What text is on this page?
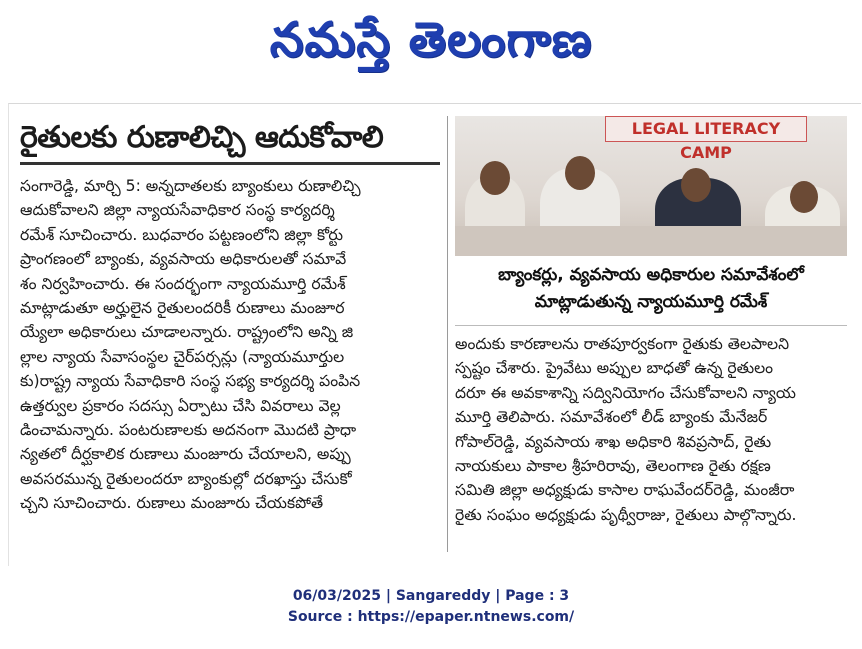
నమస్తే తెలంగాణ
రైతులకు రుణాలిచ్చి ఆదుకోవాలి
సంగారెడ్డి, మార్చి 5: అన్నదాతలకు బ్యాంకులు రుణాలిచ్చి
ఆదుకోవాలని జిల్లా న్యాయసేవాధికార సంస్థ కార్యదర్శి
రమేశ్ సూచించారు. బుధవారం పట్టణంలోని జిల్లా కోర్టు
ప్రాంగణంలో బ్యాంకు, వ్యవసాయ అధికారులతో సమావే
శం నిర్వహించారు. ఈ సందర్భంగా న్యాయమూర్తి రమేశ్
మాట్లాడుతూ అర్హులైన రైతులందరికీ రుణాలు మంజూర
య్యేలా అధికారులు చూడాలన్నారు. రాష్ట్రంలోని అన్ని జి
ల్లాల న్యాయ సేవాసంస్థల చైర్‌పర్సన్లు (న్యాయమూర్తుల
కు)రాష్ట్ర న్యాయ సేవాధికారి సంస్థ సభ్య కార్యదర్శి పంపిన
ఉత్తర్వుల ప్రకారం సదస్సు ఏర్పాటు చేసి వివరాలు వెల్ల
డించామన్నారు. పంటరుణాలకు అదనంగా మొదటి ప్రాధా
న్యతలో దీర్ఘకాలిక రుణాలు మంజూరు చేయాలని, అప్పు
అవసరమున్న రైతులందరూ బ్యాంకుల్లో దరఖాస్తు చేసుకో
చ్చని సూచించారు. రుణాలు మంజూరు చేయకపోతే
LEGAL LITERACY CAMP
బ్యాంకర్లు, వ్యవసాయ అధికారుల సమావేశంలో
మాట్లాడుతున్న న్యాయమూర్తి రమేశ్
అందుకు కారణాలను రాతపూర్వకంగా రైతుకు తెలపాలని
స్పష్టం చేశారు. ప్రైవేటు అప్పుల బాధతో ఉన్న రైతులం
దరూ ఈ అవకాశాన్ని సద్వినియోగం చేసుకోవాలని న్యాయ
మూర్తి తెలిపారు. సమావేశంలో లీడ్ బ్యాంకు మేనేజర్
గోపాల్‌రెడ్డి, వ్యవసాయ శాఖ అధికారి శివప్రసాద్, రైతు
నాయకులు పాకాల శ్రీహరిరావు, తెలంగాణ రైతు రక్షణ
సమితి జిల్లా అధ్యక్షుడు కాసాల రాఘవేందర్‌రెడ్డి, మంజీరా
రైతు సంఘం అధ్యక్షుడు పృథ్వీరాజు, రైతులు పాల్గొన్నారు.
06/03/2025 | Sangareddy | Page : 3
Source : https://epaper.ntnews.com/
